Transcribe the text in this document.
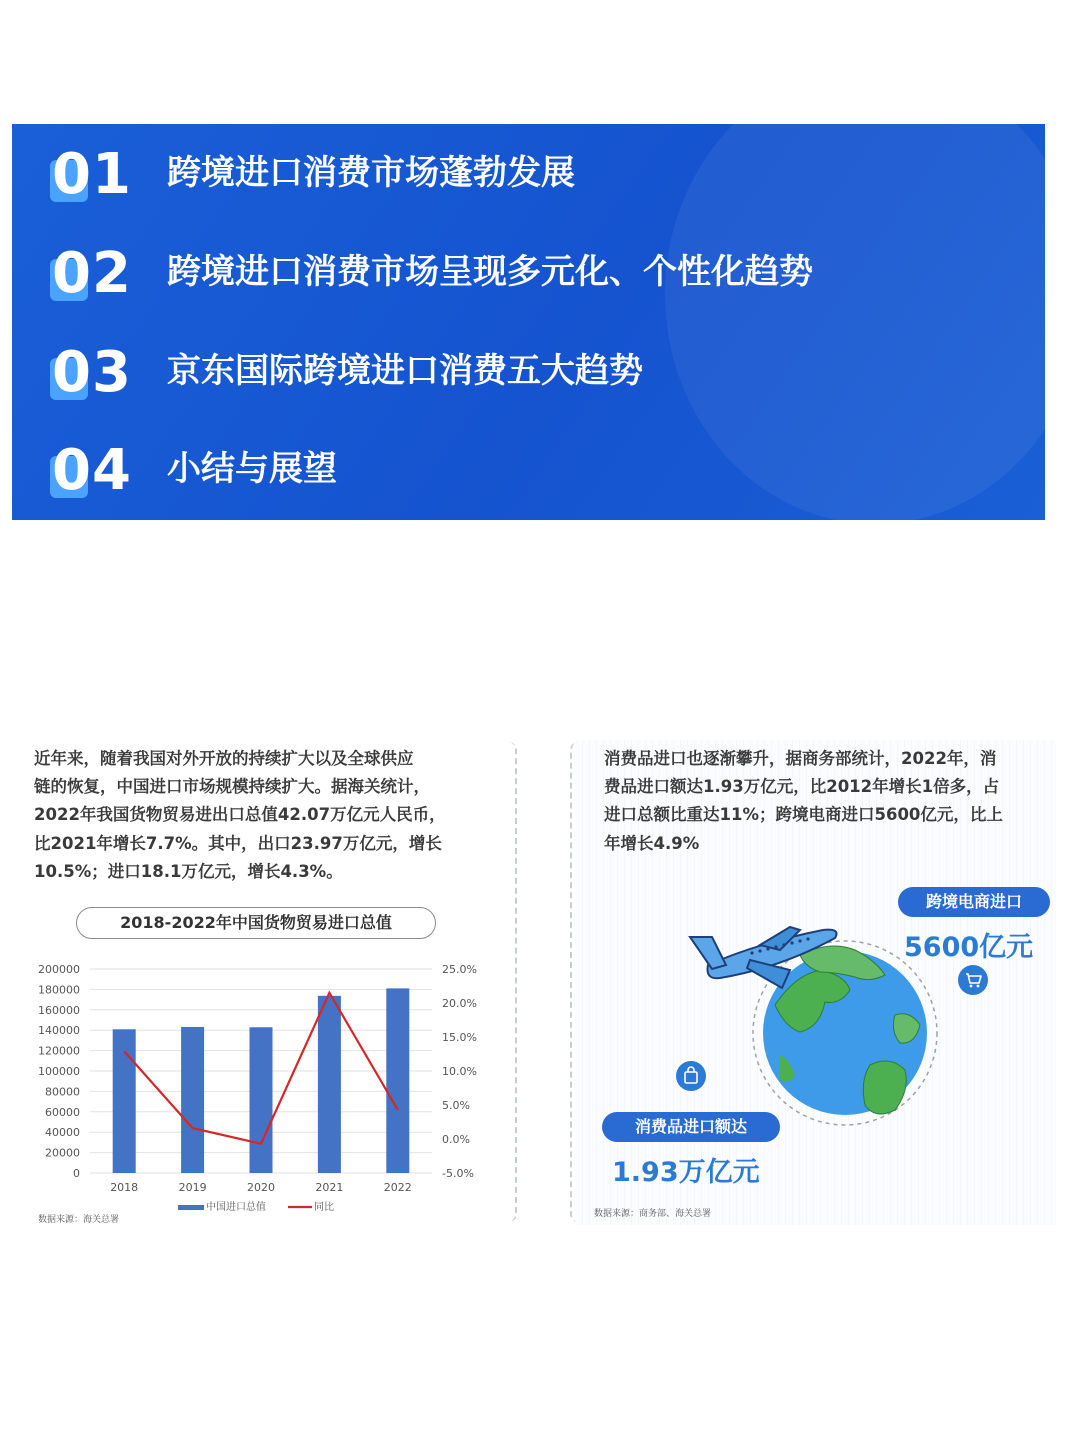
01 跨境进口消费市场蓬勃发展
02 跨境进口消费市场呈现多元化、个性化趋势
03 京东国际跨境进口消费五大趋势
04 小结与展望
近年来，随着我国对外开放的持续扩大以及全球供应
链的恢复，中国进口市场规模持续扩大。据海关统计，
2022年我国货物贸易进出口总值42.07万亿元人民币，
比2021年增长7.7%。其中，出口23.97万亿元，增长
10.5%；进口18.1万亿元，增长4.3%。
2018-2022年中国货物贸易进口总值
200000
180000
160000
140000
120000
100000
80000
60000
40000
20000
0
25.0%
20.0%
15.0%
10.0%
5.0%
0.0%
-5.0%
2018	2019	2020	2021	2022
中国进口总值	同比
数据来源：海关总署
消费品进口也逐渐攀升，据商务部统计，2022年，消
费品进口额达1.93万亿元，比2012年增长1倍多，占
进口总额比重达11%；跨境电商进口5600亿元，比上
年增长4.9%
跨境电商进口
5600亿元
消费品进口额达
1.93万亿元
数据来源：商务部、海关总署
